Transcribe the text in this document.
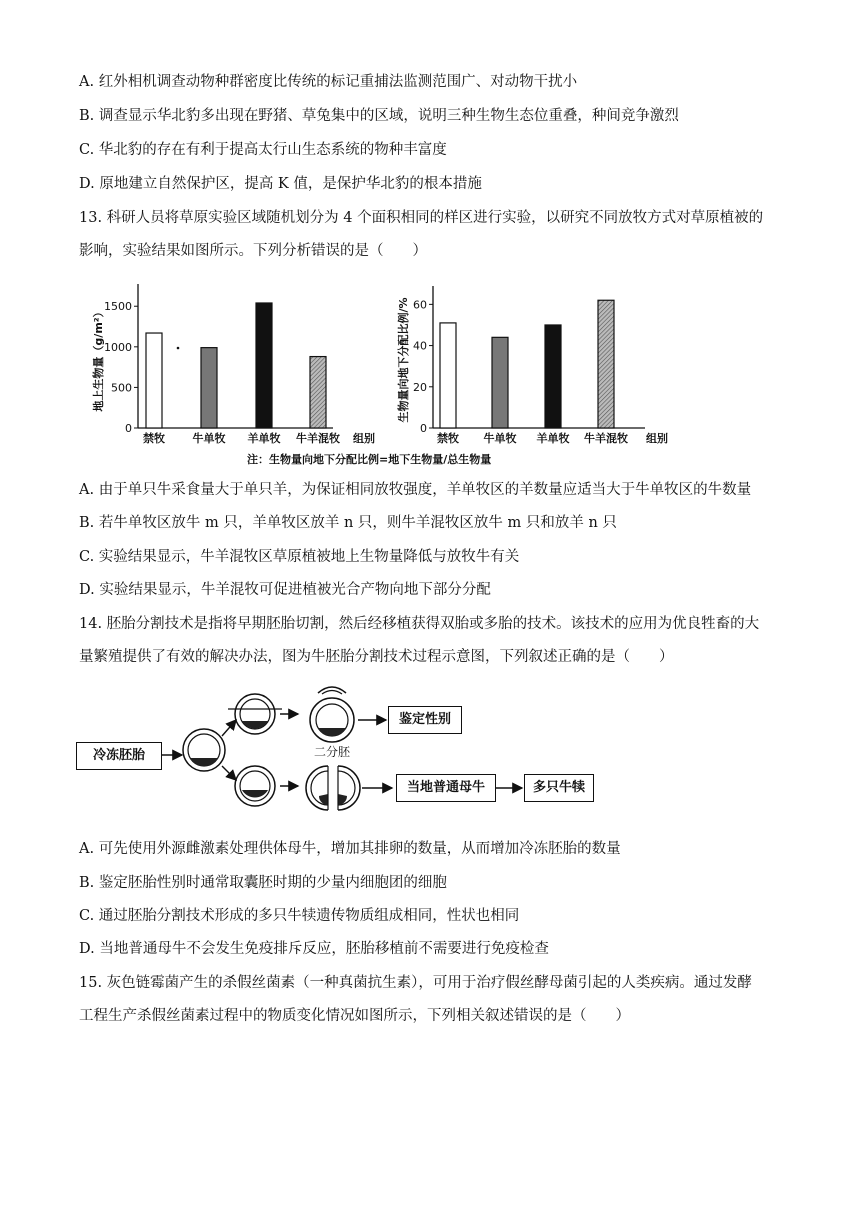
A. 红外相机调查动物种群密度比传统的标记重捕法监测范围广、对动物干扰小
B. 调查显示华北豹多出现在野猪、草兔集中的区域，说明三种生物生态位重叠，种间竞争激烈
C. 华北豹的存在有利于提高太行山生态系统的物种丰富度
D. 原地建立自然保护区，提高 K 值，是保护华北豹的根本措施
13. 科研人员将草原实验区域随机划分为 4 个面积相同的样区进行实验，以研究不同放牧方式对草原植被的
影响，实验结果如图所示。下列分析错误的是（　　）
0
500
1000
1500
地上生物量（g/m²）
禁牧	牛单牧 羊单牧 牛羊混牧 组别
0
20
40
60
生物量向地下分配比例/%
禁牧 牛单牧 羊单牧 牛羊混牧 组别
注：生物量向地下分配比例=地下生物量/总生物量
A. 由于单只牛采食量大于单只羊，为保证相同放牧强度，羊单牧区的羊数量应适当大于牛单牧区的牛数量
B. 若牛单牧区放牛 m 只，羊单牧区放羊 n 只，则牛羊混牧区放牛 m 只和放羊 n 只
C. 实验结果显示，牛羊混牧区草原植被地上生物量降低与放牧牛有关
D. 实验结果显示，牛羊混牧可促进植被光合产物向地下部分分配
14. 胚胎分割技术是指将早期胚胎切割，然后经移植获得双胎或多胎的技术。该技术的应用为优良牲畜的大
量繁殖提供了有效的解决办法，图为牛胚胎分割技术过程示意图，下列叙述正确的是（　　）
冷冻胚胎
鉴定性别
二分胚
当地普通母牛	多只牛犊
A. 可先使用外源雌激素处理供体母牛，增加其排卵的数量，从而增加冷冻胚胎的数量
B. 鉴定胚胎性别时通常取囊胚时期的少量内细胞团的细胞
C. 通过胚胎分割技术形成的多只牛犊遗传物质组成相同，性状也相同
D. 当地普通母牛不会发生免疫排斥反应，胚胎移植前不需要进行免疫检查
15. 灰色链霉菌产生的杀假丝菌素（一种真菌抗生素），可用于治疗假丝酵母菌引起的人类疾病。通过发酵
工程生产杀假丝菌素过程中的物质变化情况如图所示，下列相关叙述错误的是（　　）
